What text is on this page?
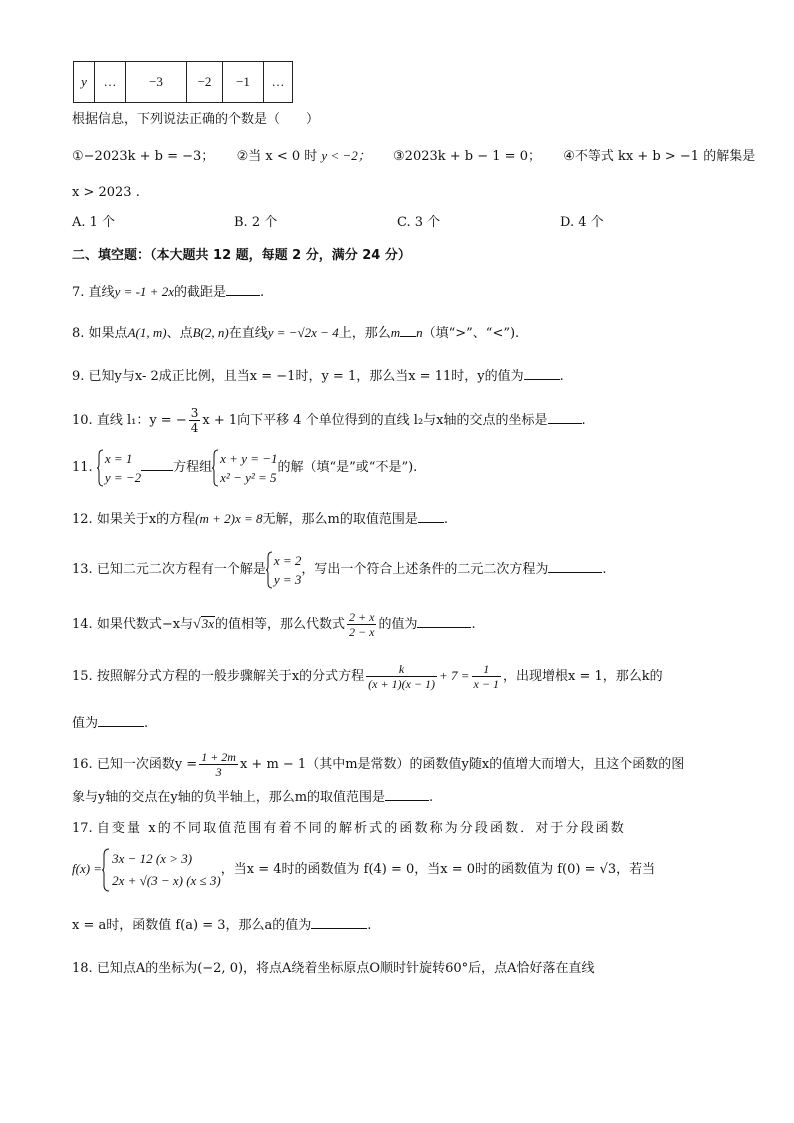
y	…	−3	−2	−1	…
根据信息，下列说法正确的个数是（　　）
①−2023k + b = −3； ②当 x < 0 时 y < −2； ③2023k + b − 1 = 0； ④不等式 kx + b > −1 的解集是
x > 2023 .
A. 1 个	B. 2 个	C. 3 个	D. 4 个
二、填空题：（本大题共 12 题，每题 2 分，满分 24 分）
7. 直线y = -1 + 2x的截距是	.
8. 如果点A(1, m)、点B(2, n)在直线y = −√2x − 4上，那么m n（填“>”、“<”).
9. 已知y与x- 2成正比例，且当x = −1时，y = 1，那么当x = 11时，y的值为	.
10. 直线 l₁：y = − $\frac{3}{4}$ x + 1向下平移 4 个单位得到的直线 l₂与x轴的交点的坐标是	.
11.
x = 1
y = −2
方程组
x + y = −1
x² − y² = 5
的解（填“是”或“不是”).
12. 如果关于x的方程(m + 2)x = 8无解，那么m的取值范围是 .
13. 已知二元二次方程有一个解是
x = 2
y = 3
，写出一个符合上述条件的二元二次方程为	.
14. 如果代数式−x与√3x的值相等，那么代数式 $\frac{2 + x}{2 - x}$ 的值为	.
15. 按照解分式方程的一般步骤解关于x的分式方程 $\frac{k}{(x + 1)(x - 1)} + 7 = \frac{1}{x - 1}$ ，出现增根x = 1，那么k的
值为	.
16. 已知一次函数$y = \frac{1 + 2m}{3}$ x + m − 1（其中m是常数）的函数值y随x的值增大而增大，且这个函数的图
象与y轴的交点在y轴的负半轴上，那么m的取值范围是	.
17. 自变量 x的不同取值范围有着不同的解析式的函数称为分段函数．对于分段函数
f(x) =
3x − 12 (x > 3)
2x + √(3 − x) (x ≤ 3)
，当x = 4时的函数值为 f(4) = 0，当x = 0时的函数值为 f(0) = √3，若当
x = a时，函数值 f(a) = 3，那么a的值为	.
18. 已知点A的坐标为(−2, 0)，将点A绕着坐标原点O顺时针旋转60°后，点A恰好落在直线
